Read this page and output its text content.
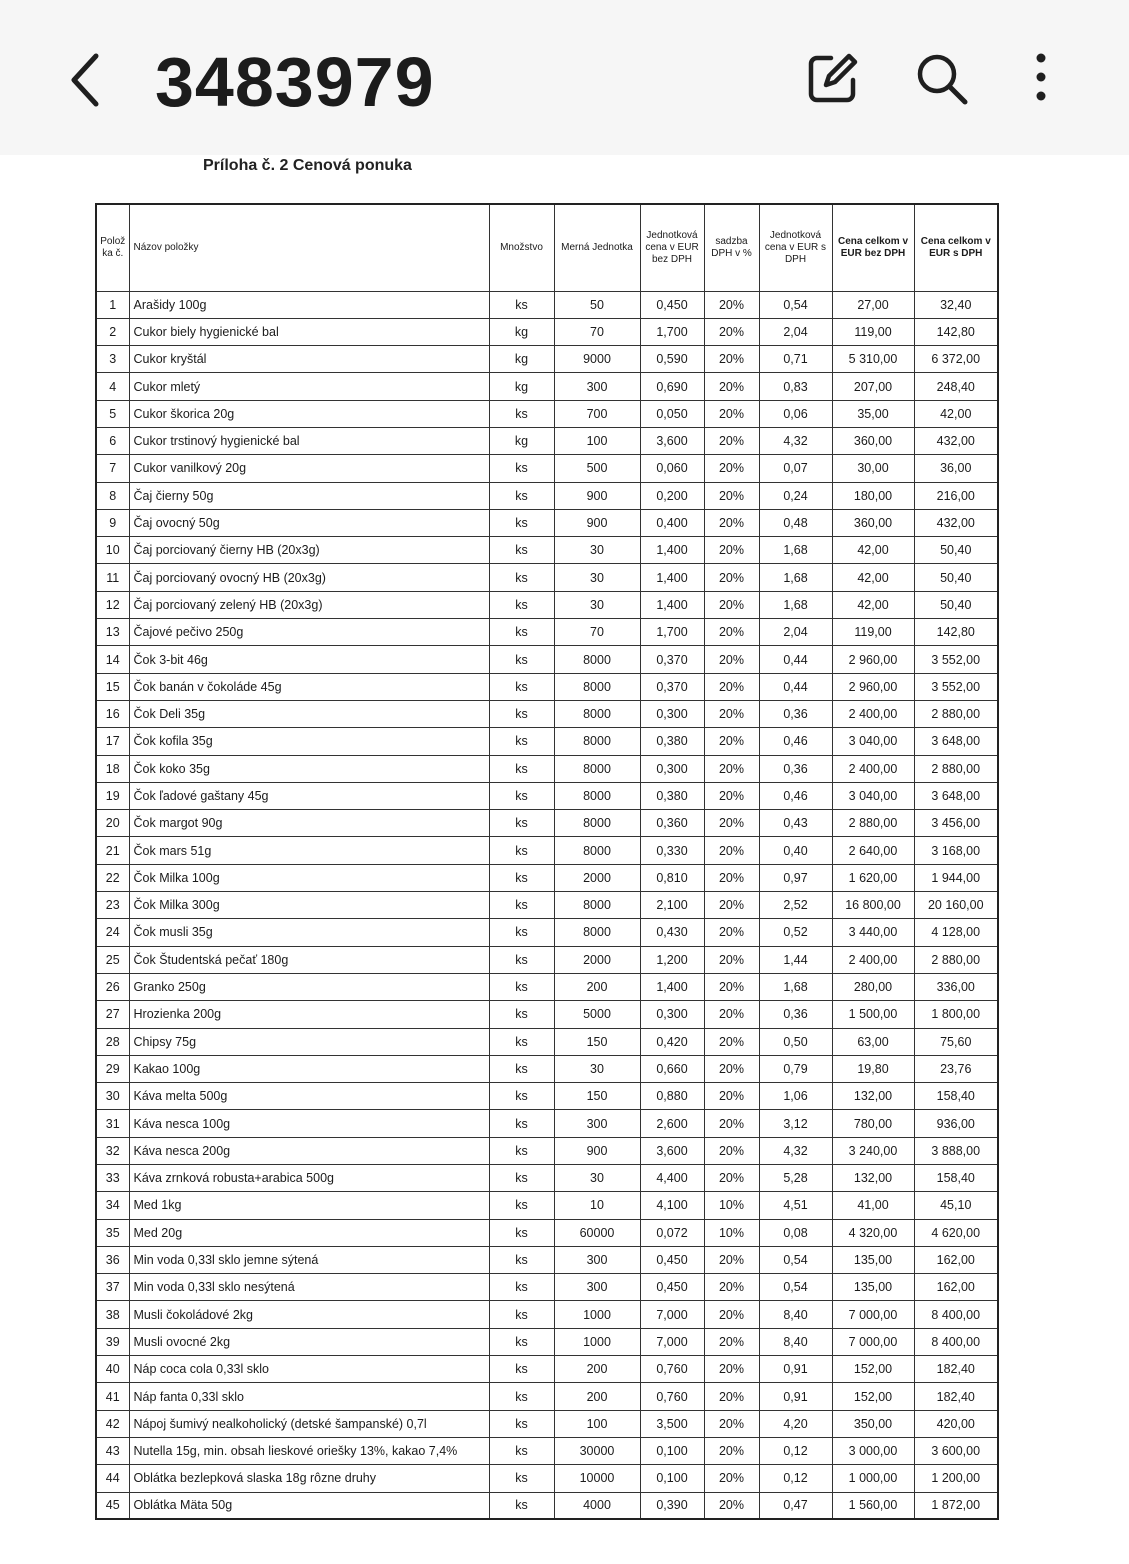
3483979
Príloha č. 2 Cenová ponuka
Polož ka č.	Názov položky	Množstvo	Merná Jednotka	Jednotková cena v EUR bez DPH	sadzba DPH v %	Jednotková cena v EUR s DPH	Cena celkom v EUR bez DPH	Cena celkom v EUR s DPH
1	Arašidy 100g	ks	50	0,450	20%	0,54	27,00	32,40
2	Cukor biely hygienické bal	kg	70	1,700	20%	2,04	119,00	142,80
3	Cukor kryštál	kg	9000	0,590	20%	0,71	5 310,00	6 372,00
4	Cukor mletý	kg	300	0,690	20%	0,83	207,00	248,40
5	Cukor škorica 20g	ks	700	0,050	20%	0,06	35,00	42,00
6	Cukor trstinový hygienické bal	kg	100	3,600	20%	4,32	360,00	432,00
7	Cukor vanilkový 20g	ks	500	0,060	20%	0,07	30,00	36,00
8	Čaj čierny 50g	ks	900	0,200	20%	0,24	180,00	216,00
9	Čaj ovocný 50g	ks	900	0,400	20%	0,48	360,00	432,00
10	Čaj porciovaný čierny HB (20x3g)	ks	30	1,400	20%	1,68	42,00	50,40
11	Čaj porciovaný ovocný HB (20x3g)	ks	30	1,400	20%	1,68	42,00	50,40
12	Čaj porciovaný zelený HB (20x3g)	ks	30	1,400	20%	1,68	42,00	50,40
13	Čajové pečivo 250g	ks	70	1,700	20%	2,04	119,00	142,80
14	Čok 3-bit 46g	ks	8000	0,370	20%	0,44	2 960,00	3 552,00
15	Čok banán v čokoláde 45g	ks	8000	0,370	20%	0,44	2 960,00	3 552,00
16	Čok Deli 35g	ks	8000	0,300	20%	0,36	2 400,00	2 880,00
17	Čok kofila 35g	ks	8000	0,380	20%	0,46	3 040,00	3 648,00
18	Čok koko 35g	ks	8000	0,300	20%	0,36	2 400,00	2 880,00
19	Čok ľadové gaštany 45g	ks	8000	0,380	20%	0,46	3 040,00	3 648,00
20	Čok margot 90g	ks	8000	0,360	20%	0,43	2 880,00	3 456,00
21	Čok mars 51g	ks	8000	0,330	20%	0,40	2 640,00	3 168,00
22	Čok Milka 100g	ks	2000	0,810	20%	0,97	1 620,00	1 944,00
23	Čok Milka 300g	ks	8000	2,100	20%	2,52	16 800,00	20 160,00
24	Čok musli 35g	ks	8000	0,430	20%	0,52	3 440,00	4 128,00
25	Čok Študentská pečať 180g	ks	2000	1,200	20%	1,44	2 400,00	2 880,00
26	Granko 250g	ks	200	1,400	20%	1,68	280,00	336,00
27	Hrozienka 200g	ks	5000	0,300	20%	0,36	1 500,00	1 800,00
28	Chipsy 75g	ks	150	0,420	20%	0,50	63,00	75,60
29	Kakao 100g	ks	30	0,660	20%	0,79	19,80	23,76
30	Káva melta 500g	ks	150	0,880	20%	1,06	132,00	158,40
31	Káva nesca 100g	ks	300	2,600	20%	3,12	780,00	936,00
32	Káva nesca 200g	ks	900	3,600	20%	4,32	3 240,00	3 888,00
33	Káva zrnková robusta+arabica 500g	ks	30	4,400	20%	5,28	132,00	158,40
34	Med 1kg	ks	10	4,100	10%	4,51	41,00	45,10
35	Med 20g	ks	60000	0,072	10%	0,08	4 320,00	4 620,00
36	Min voda 0,33l sklo jemne sýtená	ks	300	0,450	20%	0,54	135,00	162,00
37	Min voda 0,33l sklo nesýtená	ks	300	0,450	20%	0,54	135,00	162,00
38	Musli čokoládové 2kg	ks	1000	7,000	20%	8,40	7 000,00	8 400,00
39	Musli ovocné 2kg	ks	1000	7,000	20%	8,40	7 000,00	8 400,00
40	Náp coca cola 0,33l sklo	ks	200	0,760	20%	0,91	152,00	182,40
41	Náp fanta 0,33l sklo	ks	200	0,760	20%	0,91	152,00	182,40
42	Nápoj šumivý nealkoholický (detské šampanské) 0,7l	ks	100	3,500	20%	4,20	350,00	420,00
43	Nutella 15g, min. obsah lieskové oriešky 13%, kakao 7,4%	ks	30000	0,100	20%	0,12	3 000,00	3 600,00
44	Oblátka bezlepková slaska 18g rôzne druhy	ks	10000	0,100	20%	0,12	1 000,00	1 200,00
45	Oblátka Mäta 50g	ks	4000	0,390	20%	0,47	1 560,00	1 872,00
